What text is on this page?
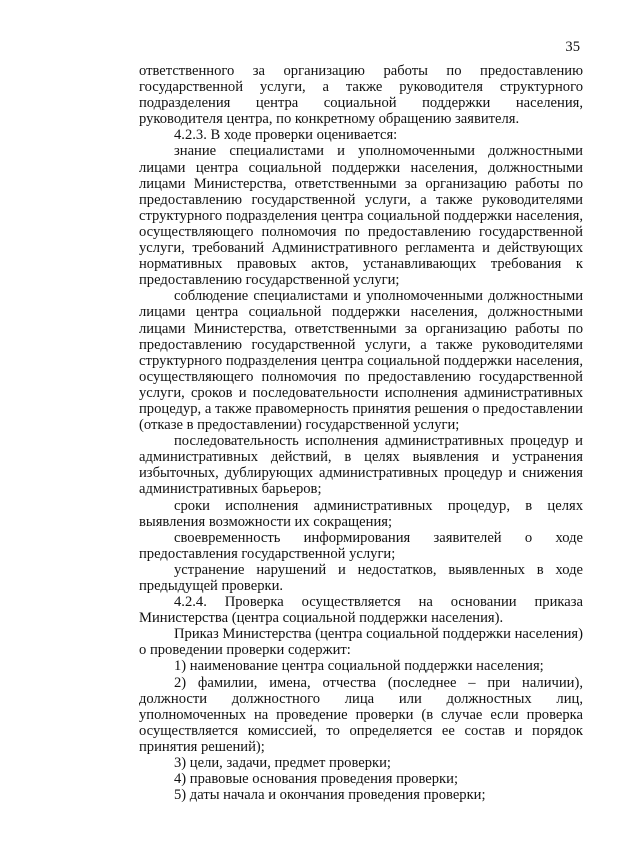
35

ответственного за организацию работы по предоставлению государственной услуги, а также руководителя структурного подразделения центра социальной поддержки населения, руководителя центра, по конкретному обращению заявителя.

4.2.3. В ходе проверки оценивается:

знание специалистами и уполномоченными должностными лицами центра социальной поддержки населения, должностными лицами Министерства, ответственными за организацию работы по предоставлению государственной услуги, а также руководителями структурного подразделения центра социальной поддержки населения, осуществляющего полномочия по предоставлению государственной услуги, требований Административного регламента и действующих нормативных правовых актов, устанавливающих требования к предоставлению государственной услуги;

соблюдение специалистами и уполномоченными должностными лицами центра социальной поддержки населения, должностными лицами Министерства, ответственными за организацию работы по предоставлению государственной услуги, а также руководителями структурного подразделения центра социальной поддержки населения, осуществляющего полномочия по предоставлению государственной услуги, сроков и последовательности исполнения административных процедур, а также правомерность принятия решения о предоставлении (отказе в предоставлении) государственной услуги;

последовательность исполнения административных процедур и административных действий, в целях выявления и устранения избыточных, дублирующих административных процедур и снижения административных барьеров;

сроки исполнения административных процедур, в целях выявления возможности их сокращения;

своевременность информирования заявителей о ходе предоставления государственной услуги;

устранение нарушений и недостатков, выявленных в ходе предыдущей проверки.

4.2.4. Проверка осуществляется на основании приказа Министерства (центра социальной поддержки населения).

Приказ Министерства (центра социальной поддержки населения) о проведении проверки содержит:

1) наименование центра социальной поддержки населения;

2) фамилии, имена, отчества (последнее – при наличии), должности должностного лица или должностных лиц, уполномоченных на проведение проверки (в случае если проверка осуществляется комиссией, то определяется ее состав и порядок принятия решений);

3) цели, задачи, предмет проверки;

4) правовые основания проведения проверки;

5) даты начала и окончания проведения проверки;
